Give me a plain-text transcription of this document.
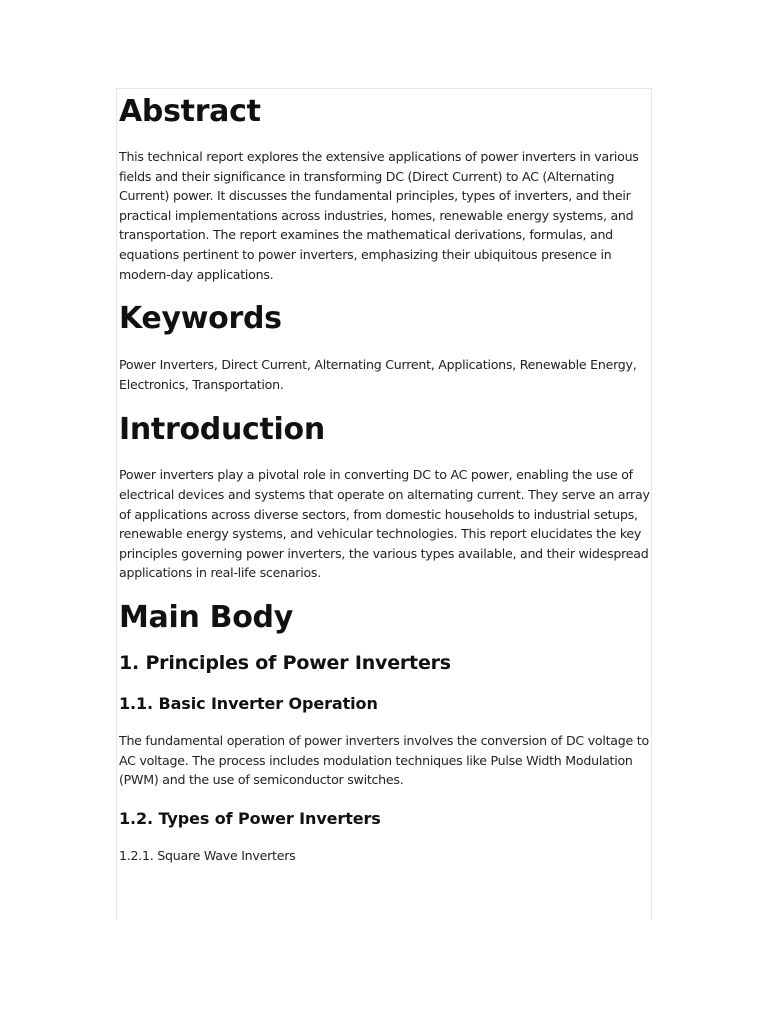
Abstract

This technical report explores the extensive applications of power inverters in various fields and their significance in transforming DC (Direct Current) to AC (Alternating Current) power. It discusses the fundamental principles, types of inverters, and their practical implementations across industries, homes, renewable energy systems, and transportation. The report examines the mathematical derivations, formulas, and equations pertinent to power inverters, emphasizing their ubiquitous presence in modern-day applications.

Keywords

Power Inverters, Direct Current, Alternating Current, Applications, Renewable Energy, Electronics, Transportation.

Introduction

Power inverters play a pivotal role in converting DC to AC power, enabling the use of electrical devices and systems that operate on alternating current. They serve an array of applications across diverse sectors, from domestic households to industrial setups, renewable energy systems, and vehicular technologies. This report elucidates the key principles governing power inverters, the various types available, and their widespread applications in real-life scenarios.

Main Body
1. Principles of Power Inverters
1.1. Basic Inverter Operation

The fundamental operation of power inverters involves the conversion of DC voltage to AC voltage. The process includes modulation techniques like Pulse Width Modulation (PWM) and the use of semiconductor switches.

1.2. Types of Power Inverters

1.2.1. Square Wave Inverters
